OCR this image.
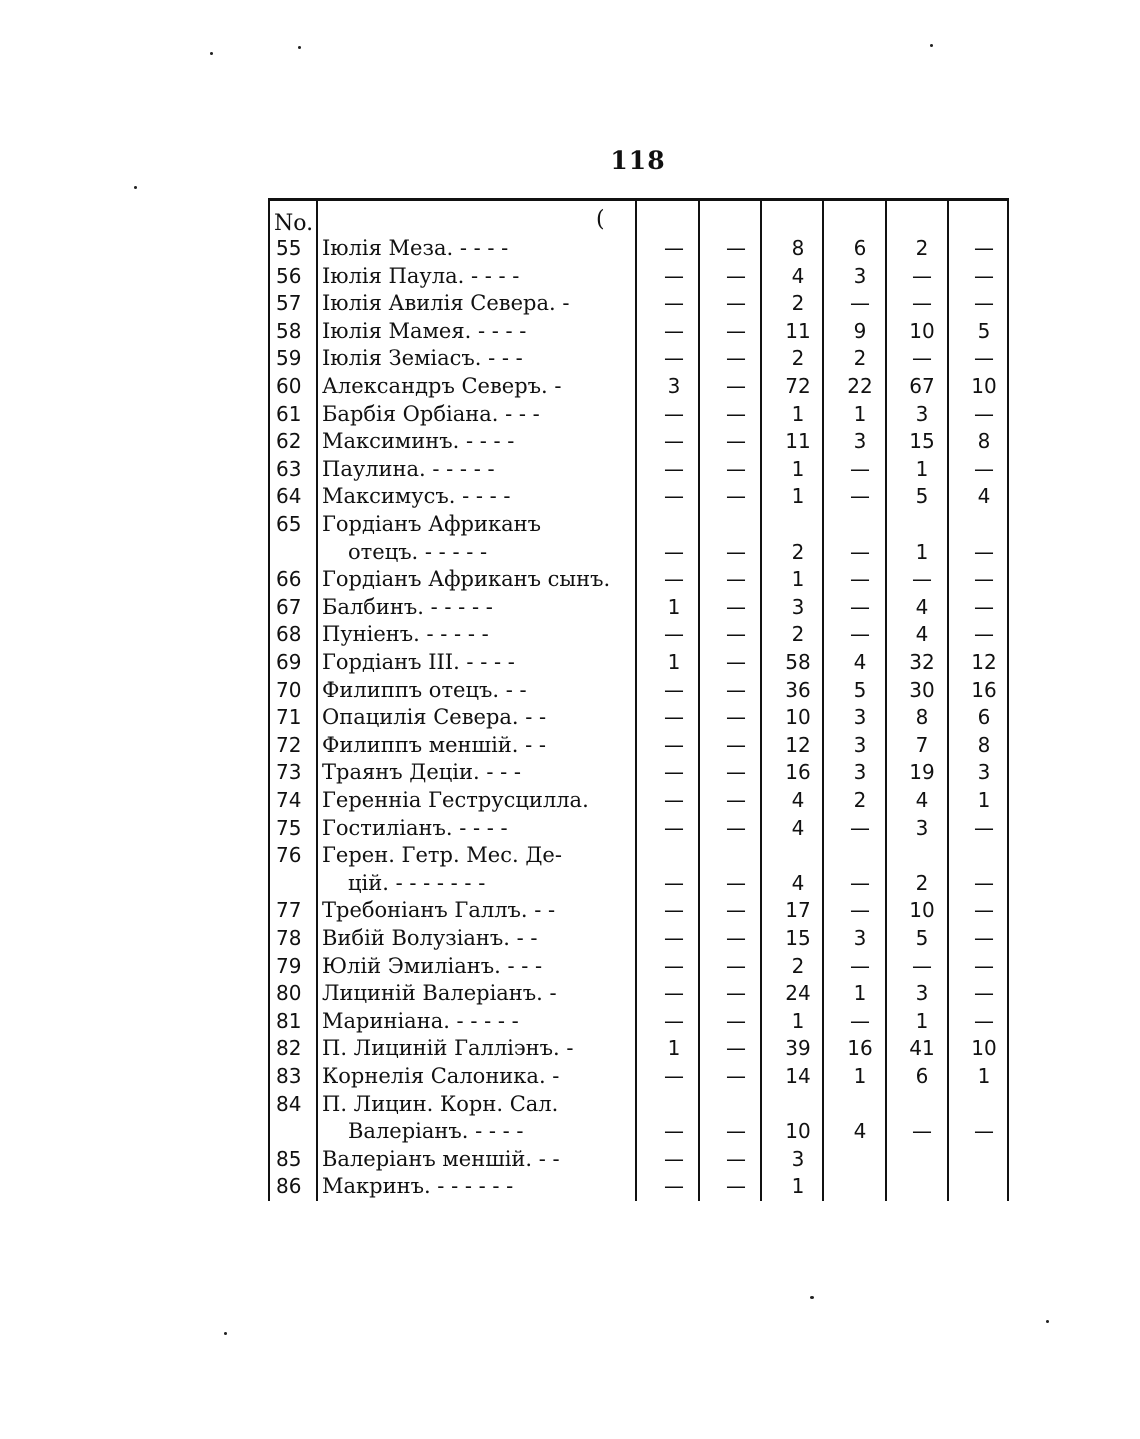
118
No.	(
55 Іюлія Меза. - - - -	—	—	8	6	2	—
56 Іюлія Паула. - - - -	—	—	4	3	—	—
57 Іюлія Авилія Севера. -	—	—	2	—	—	—
58 Іюлія Мамея. - - - -	—	—	11	9	10	5
59 Іюлія Земіасъ. - - -	—	—	2	2	—	—
60 Александръ Северъ. -	3	—	72	22	67	10
61 Барбія Орбіана. - - -	—	—	1	1	3	—
62 Максиминъ. - - - -	—	—	11	3	15	8
63 Паулина. - - - - -	—	—	1	—	1	—
64 Максимусъ. - - - -	—	—	1	—	5	4
65 Гордіанъ Африканъ
отецъ. - - - - -	—	—	2	—	1	—
66 Гордіанъ Африканъ сынъ.	—	—	1	—	—	—
67 Балбинъ. - - - - -	1	—	3	—	4	—
68 Пуніенъ. - - - - -	—	—	2	—	4	—
69 Гордіанъ III. - - - -	1	—	58	4	32	12
70 Филиппъ отецъ. - -	—	—	36	5	30	16
71 Опацилія Севера. - -	—	—	10	3	8	6
72 Филиппъ меншій. - -	—	—	12	3	7	8
73 Траянъ Деціи. - - -	—	—	16	3	19	3
74 Геренніа Геструсцилла.	—	—	4	2	4	1
75 Гостиліанъ. - - - -	—	—	4	—	3	—
76 Герен. Гетр. Мес. Де-
цій. - - - - - - -	—	—	4	—	2	—
77 Требоніанъ Галлъ. - -	—	—	17	—	10	—
78 Вибій Волузіанъ. - -	—	—	15	3	5	—
79 Юлій Эмиліанъ. - - -	—	—	2	—	—	—
80 Лициній Валеріанъ. -	—	—	24	1	3	—
81 Мариніана. - - - - -	—	—	1	—	1	—
82 П. Лициній Галліэнъ. -	1	—	39	16	41	10
83 Корнелія Салоника. -	—	—	14	1	6	1
84 П. Лицин. Корн. Сал.
Валеріанъ. - - - -	—	—	10	4	—	—
85 Валеріанъ меншій. - -	—	—	3
86 Макринъ. - - - - - -	—	—	1
